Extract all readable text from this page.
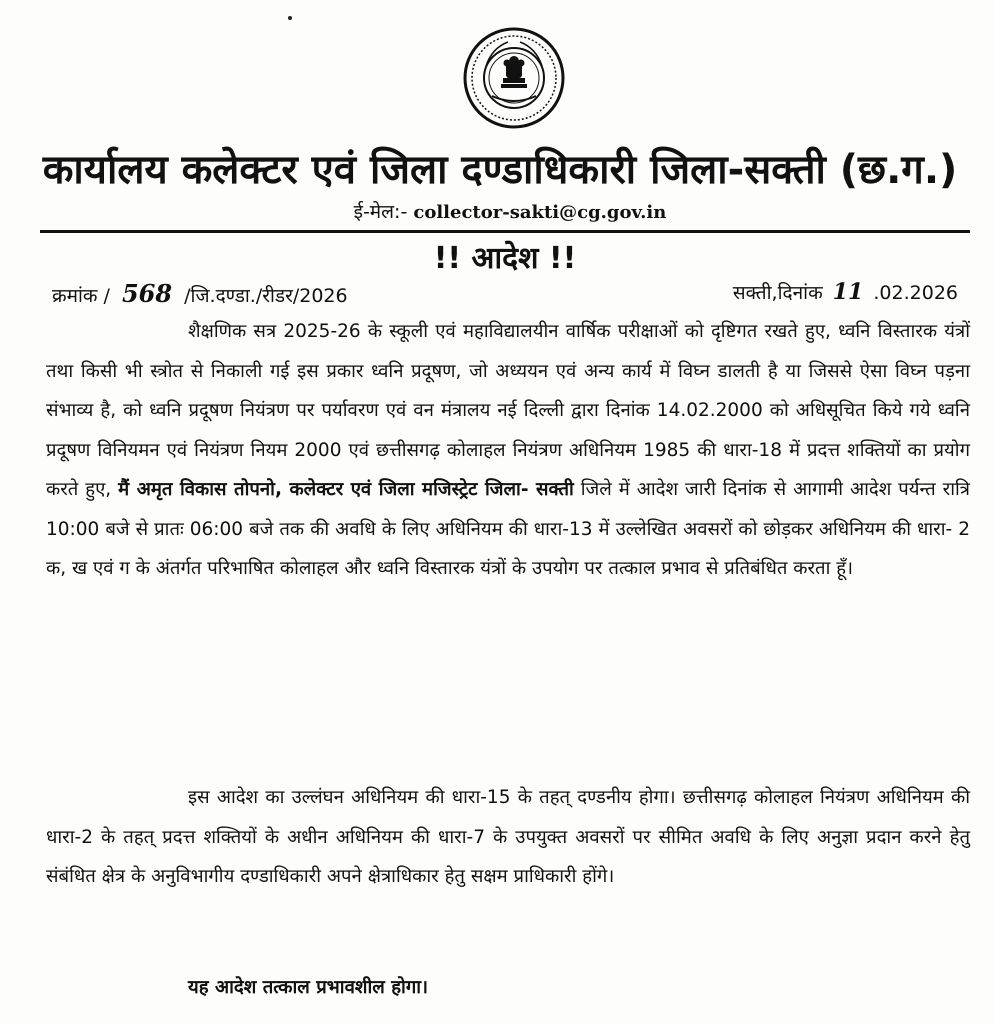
कार्यालय कलेक्टर एवं जिला दण्डाधिकारी जिला-सक्ती (छ.ग.)
ई-मेल:- collector-sakti@cg.gov.in
!! आदेश !!
क्रमांक / 568 /जि.दण्डा./रीडर/2026	सक्ती,दिनांक 11 .02.2026
शैक्षणिक सत्र 2025-26 के स्कूली एवं महाविद्यालयीन वार्षिक परीक्षाओं को दृष्टिगत रखते हुए, ध्वनि विस्तारक यंत्रों तथा किसी भी स्त्रोत से निकाली गई इस प्रकार ध्वनि प्रदूषण, जो अध्ययन एवं अन्य कार्य में विघ्न डालती है या जिससे ऐसा विघ्न पड़ना संभाव्य है, को ध्वनि प्रदूषण नियंत्रण पर पर्यावरण एवं वन मंत्रालय नई दिल्ली द्वारा दिनांक 14.02.2000 को अधिसूचित किये गये ध्वनि प्रदूषण विनियमन एवं नियंत्रण नियम 2000 एवं छत्तीसगढ़ कोलाहल नियंत्रण अधिनियम 1985 की धारा-18 में प्रदत्त शक्तियों का प्रयोग करते हुए, मैं अमृत विकास तोपनो, कलेक्टर एवं जिला मजिस्ट्रेट जिला- सक्ती जिले में आदेश जारी दिनांक से आगामी आदेश पर्यन्त रात्रि 10:00 बजे से प्रातः 06:00 बजे तक की अवधि के लिए अधिनियम की धारा-13 में उल्लेखित अवसरों को छोड़कर अधिनियम की धारा- 2 क, ख एवं ग के अंतर्गत परिभाषित कोलाहल और ध्वनि विस्तारक यंत्रों के उपयोग पर तत्काल प्रभाव से प्रतिबंधित करता हूँ।
इस आदेश का उल्लंघन अधिनियम की धारा-15 के तहत् दण्डनीय होगा। छत्तीसगढ़ कोलाहल नियंत्रण अधिनियम की धारा-2 के तहत् प्रदत्त शक्तियों के अधीन अधिनियम की धारा-7 के उपयुक्त अवसरों पर सीमित अवधि के लिए अनुज्ञा प्रदान करने हेतु संबंधित क्षेत्र के अनुविभागीय दण्डाधिकारी अपने क्षेत्राधिकार हेतु सक्षम प्राधिकारी होंगे।
यह आदेश तत्काल प्रभावशील होगा।
